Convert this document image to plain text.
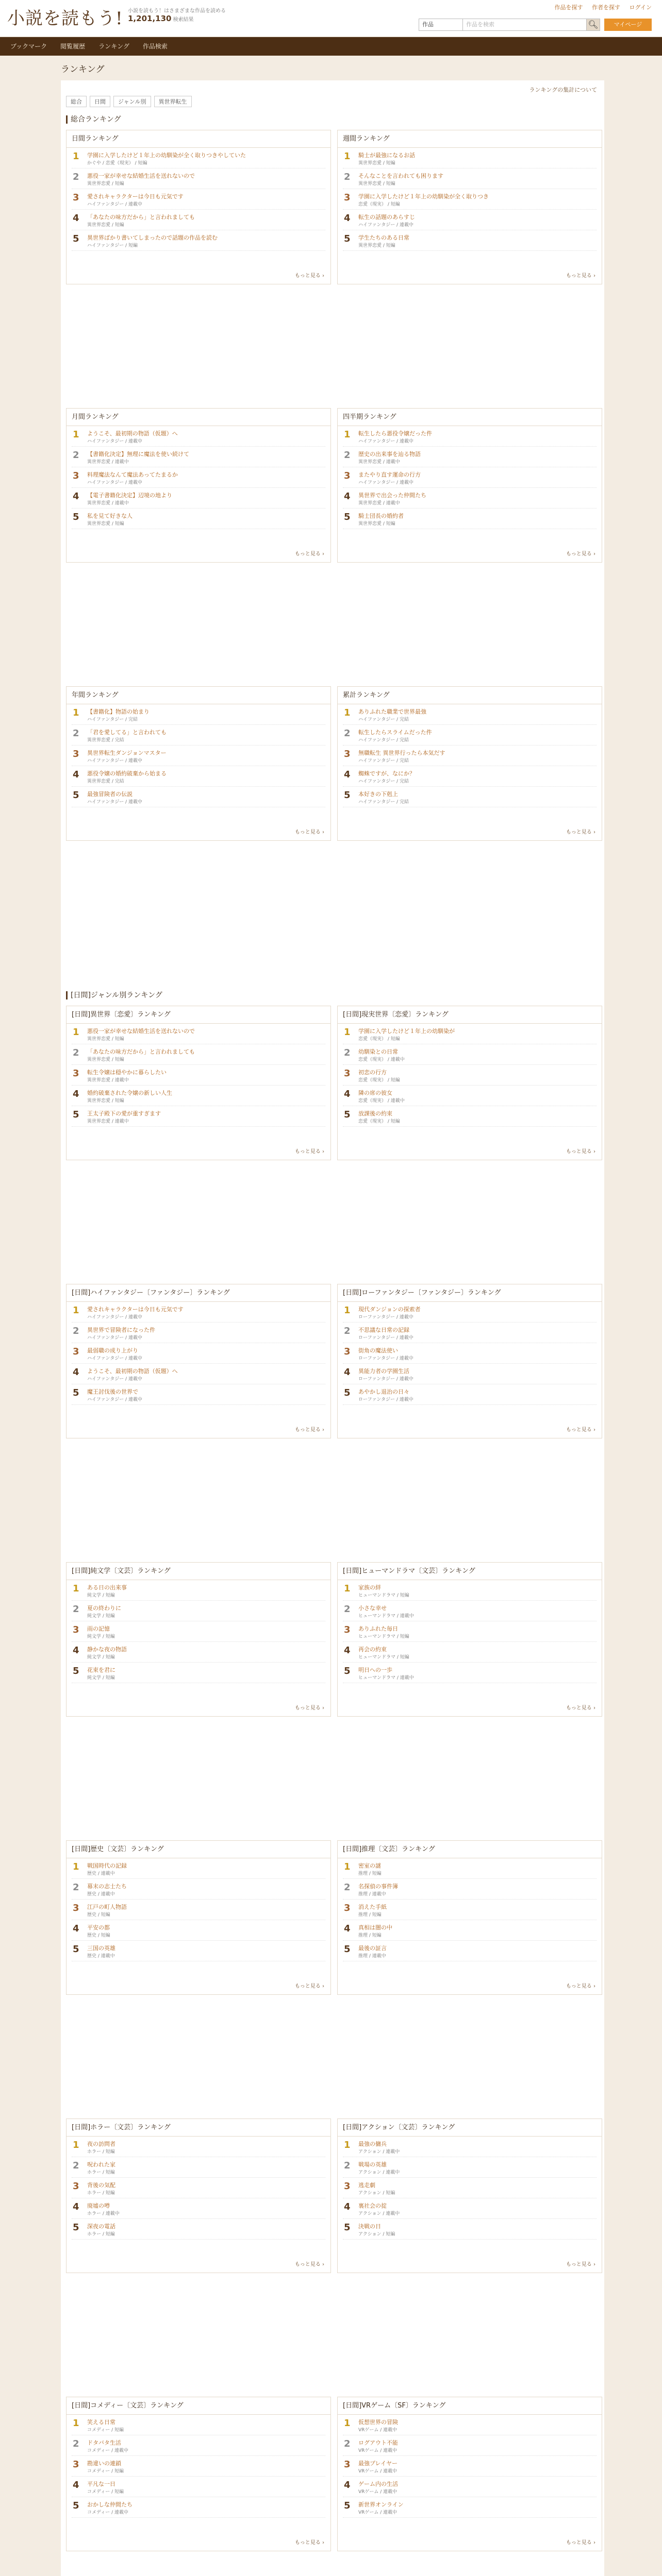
小説を読もう! 小説を読もう！はさまざまな作品を読める
1,201,130 検索結果
作品を探す 作者を探す ログイン
作品	作品を検索	🔍︎	マイページ
ブックマーク 閲覧履歴 ランキング 作品検索
ランキング
ランキングの集計について
総合	日間	ジャンル別	異世界転生
総合ランキング
[日間]ジャンル別ランキング
日間ランキング
1	学園に入学したけど１年上の幼馴染が全く取りつきやしていた
かぐや / 恋愛（現実） / 短編
2	悪役一家が幸せな結婚生活を送れないので
異世界恋愛 / 短編
3	愛されキャラクターは今日も元気です
ハイファンタジー / 連載中
4	「あなたの味方だから」と言われましても
異世界恋愛 / 短編
5	異世界ばかり書いてしまったので話題の作品を読む
ハイファンタジー / 短編
もっと見る ›
週間ランキング
1	騎士が最強になるお話
異世界恋愛 / 短編
2	そんなことを言われても困ります
異世界恋愛 / 短編
3	学園に入学したけど１年上の幼馴染が全く取りつき
恋愛（現実） / 短編
4	転生の話題のあらすじ
ハイファンタジー / 連載中
5	学生たちのある日常
異世界恋愛 / 短編
もっと見る ›
月間ランキング
1	ようこそ、最初期の物語（仮題）へ
ハイファンタジー / 連載中
2	【書籍化決定】無理に魔法を使い続けて
異世界恋愛 / 連載中
3	料理魔法なんて魔法あってたまるか
ハイファンタジー / 連載中
4	【電子書籍化決定】辺境の地より
異世界恋愛 / 連載中
5	私を見て好きな人
異世界恋愛 / 短編
もっと見る ›
四半期ランキング
1	転生したら悪役令嬢だった件
ハイファンタジー / 連載中
2	歴史の出来事を辿る物語
異世界恋愛 / 連載中
3	またやり直す運命の行方
ハイファンタジー / 連載中
4	異世界で出会った仲間たち
異世界恋愛 / 連載中
5	騎士団長の婚約者
異世界恋愛 / 短編
もっと見る ›
年間ランキング
1	【書籍化】物語の始まり
ハイファンタジー / 完結
2	「君を愛してる」と言われても
異世界恋愛 / 完結
3	異世界転生ダンジョンマスター
ハイファンタジー / 連載中
4	悪役令嬢の婚約破棄から始まる
異世界恋愛 / 完結
5	最強冒険者の伝説
ハイファンタジー / 連載中
もっと見る ›
累計ランキング
1	ありふれた職業で世界最強
ハイファンタジー / 完結
2	転生したらスライムだった件
ハイファンタジー / 完結
3	無職転生 異世界行ったら本気だす
ハイファンタジー / 完結
4	蜘蛛ですが、なにか？
ハイファンタジー / 完結
5	本好きの下剋上
ハイファンタジー / 完結
もっと見る ›
[日間]異世界〔恋愛〕ランキング
1	悪役一家が幸せな結婚生活を送れないので
異世界恋愛 / 短編
2	「あなたの味方だから」と言われましても
異世界恋愛 / 短編
3	転生令嬢は穏やかに暮らしたい
異世界恋愛 / 連載中
4	婚約破棄された令嬢の新しい人生
異世界恋愛 / 短編
5	王太子殿下の愛が重すぎます
異世界恋愛 / 連載中
もっと見る ›
[日間]現実世界〔恋愛〕ランキング
1	学園に入学したけど１年上の幼馴染が
恋愛（現実） / 短編
2	幼馴染との日常
恋愛（現実） / 連載中
3	初恋の行方
恋愛（現実） / 短編
4	隣の席の彼女
恋愛（現実） / 連載中
5	放課後の約束
恋愛（現実） / 短編
もっと見る ›
[日間]ハイファンタジー〔ファンタジー〕ランキング
1	愛されキャラクターは今日も元気です
ハイファンタジー / 連載中
2	異世界で冒険者になった件
ハイファンタジー / 連載中
3	最弱職の成り上がり
ハイファンタジー / 連載中
4	ようこそ、最初期の物語（仮題）へ
ハイファンタジー / 連載中
5	魔王討伐後の世界で
ハイファンタジー / 連載中
もっと見る ›
[日間]ローファンタジー〔ファンタジー〕ランキング
1	現代ダンジョンの探索者
ローファンタジー / 連載中
2	不思議な日常の記録
ローファンタジー / 連載中
3	街角の魔法使い
ローファンタジー / 連載中
4	異能力者の学園生活
ローファンタジー / 連載中
5	あやかし退治の日々
ローファンタジー / 連載中
もっと見る ›
[日間]純文学〔文芸〕ランキング
1	ある日の出来事
純文学 / 短編
2	夏の終わりに
純文学 / 短編
3	雨の記憶
純文学 / 短編
4	静かな夜の物語
純文学 / 短編
5	花束を君に
純文学 / 短編
もっと見る ›
[日間]ヒューマンドラマ〔文芸〕ランキング
1	家族の絆
ヒューマンドラマ / 短編
2	小さな幸せ
ヒューマンドラマ / 連載中
3	ありふれた毎日
ヒューマンドラマ / 短編
4	再会の約束
ヒューマンドラマ / 短編
5	明日への一歩
ヒューマンドラマ / 連載中
もっと見る ›
[日間]歴史〔文芸〕ランキング
1	戦国時代の記録
歴史 / 連載中
2	幕末の志士たち
歴史 / 連載中
3	江戸の町人物語
歴史 / 短編
4	平安の都
歴史 / 短編
5	三国の英雄
歴史 / 連載中
もっと見る ›
[日間]推理〔文芸〕ランキング
1	密室の謎
推理 / 短編
2	名探偵の事件簿
推理 / 連載中
3	消えた手紙
推理 / 短編
4	真相は闇の中
推理 / 短編
5	最後の証言
推理 / 連載中
もっと見る ›
[日間]ホラー〔文芸〕ランキング
1	夜の訪問者
ホラー / 短編
2	呪われた家
ホラー / 短編
3	背後の気配
ホラー / 短編
4	廃墟の噂
ホラー / 連載中
5	深夜の電話
ホラー / 短編
もっと見る ›
[日間]アクション〔文芸〕ランキング
1	最強の傭兵
アクション / 連載中
2	戦場の英雄
アクション / 連載中
3	逃走劇
アクション / 短編
4	裏社会の掟
アクション / 連載中
5	決戦の日
アクション / 短編
もっと見る ›
[日間]コメディー〔文芸〕ランキング
1	笑える日常
コメディー / 短編
2	ドタバタ生活
コメディー / 連載中
3	勘違いの連鎖
コメディー / 短編
4	平凡な一日
コメディー / 短編
5	おかしな仲間たち
コメディー / 連載中
もっと見る ›
[日間]VRゲーム〔SF〕ランキング
1	仮想世界の冒険
VRゲーム / 連載中
2	ログアウト不能
VRゲーム / 連載中
3	最強プレイヤー
VRゲーム / 連載中
4	ゲーム内の生活
VRゲーム / 連載中
5	新世界オンライン
VRゲーム / 連載中
もっと見る ›
